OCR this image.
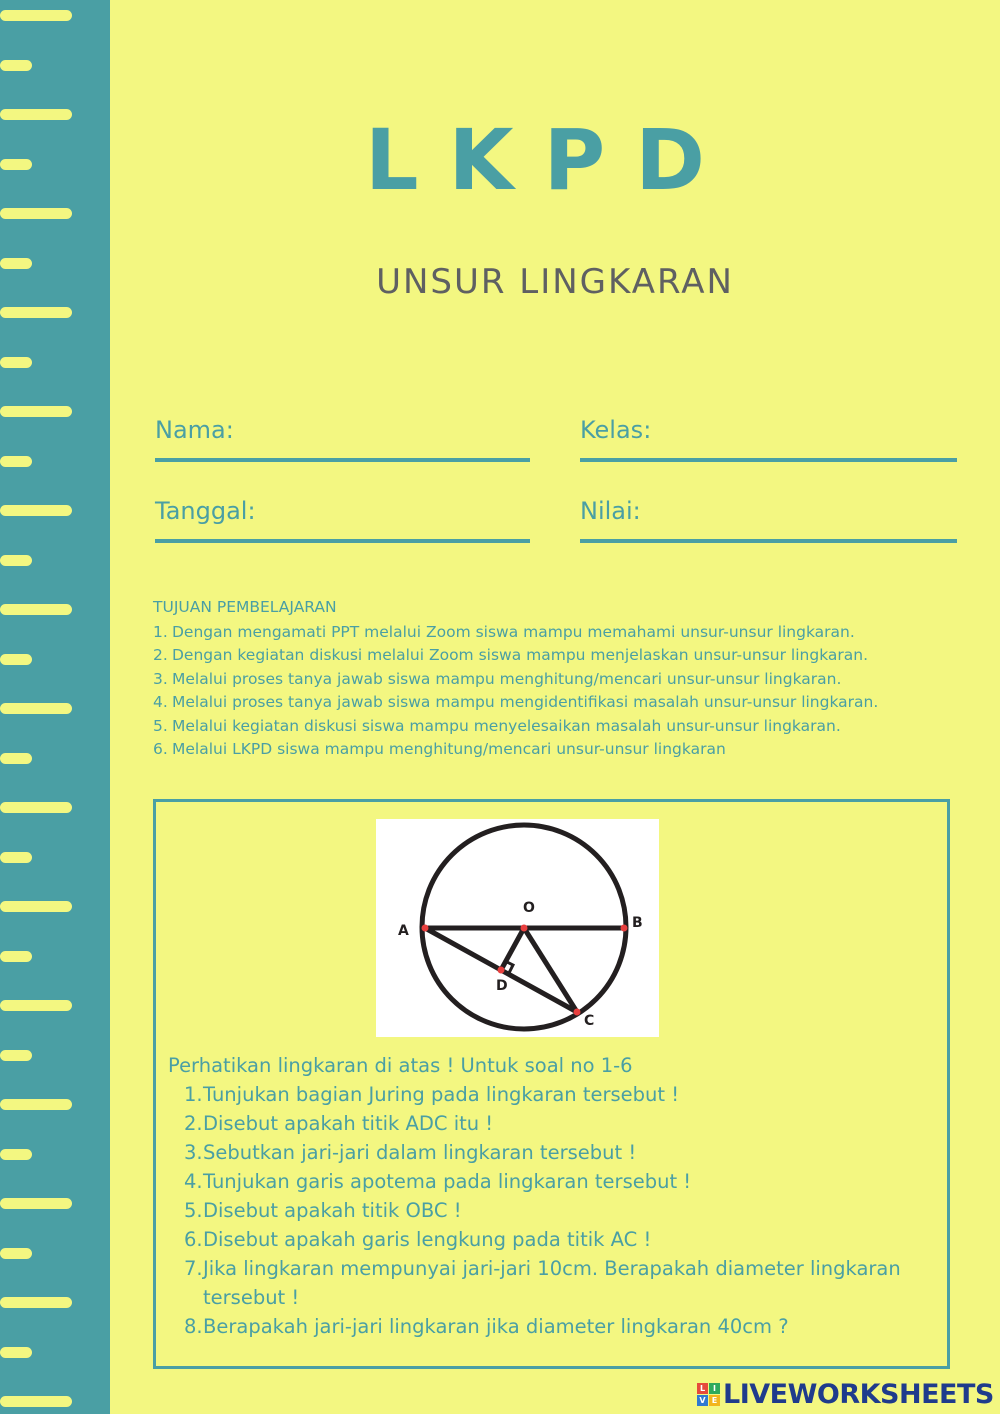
LKPD
UNSUR LINGKARAN
Nama:	Kelas:
Tanggal:	Nilai:
TUJUAN PEMBELAJARAN
1. Dengan mengamati PPT melalui Zoom siswa mampu memahami unsur-unsur lingkaran.
2. Dengan kegiatan diskusi melalui Zoom siswa mampu menjelaskan unsur-unsur lingkaran.
3. Melalui proses tanya jawab siswa mampu menghitung/mencari unsur-unsur lingkaran.
4. Melalui proses tanya jawab siswa mampu mengidentifikasi masalah unsur-unsur lingkaran.
5. Melalui kegiatan diskusi siswa mampu menyelesaikan masalah unsur-unsur lingkaran.
6. Melalui LKPD siswa mampu menghitung/mencari unsur-unsur lingkaran
A	B
O
C
D

Perhatikan lingkaran di atas ! Untuk soal no 1-6

1. Tunjukan bagian Juring pada lingkaran tersebut !
2. Disebut apakah titik ADC itu !
3. Sebutkan jari-jari dalam lingkaran tersebut !
4. Tunjukan garis apotema pada lingkaran tersebut !
5. Disebut apakah titik OBC !
6. Disebut apakah garis lengkung pada titik AC !
7. Jika lingkaran mempunyai jari-jari 10cm. Berapakah diameter lingkaran tersebut !
8. Berapakah jari-jari lingkaran jika diameter lingkaran 40cm ?
L I
V E LIVEWORKSHEETS
